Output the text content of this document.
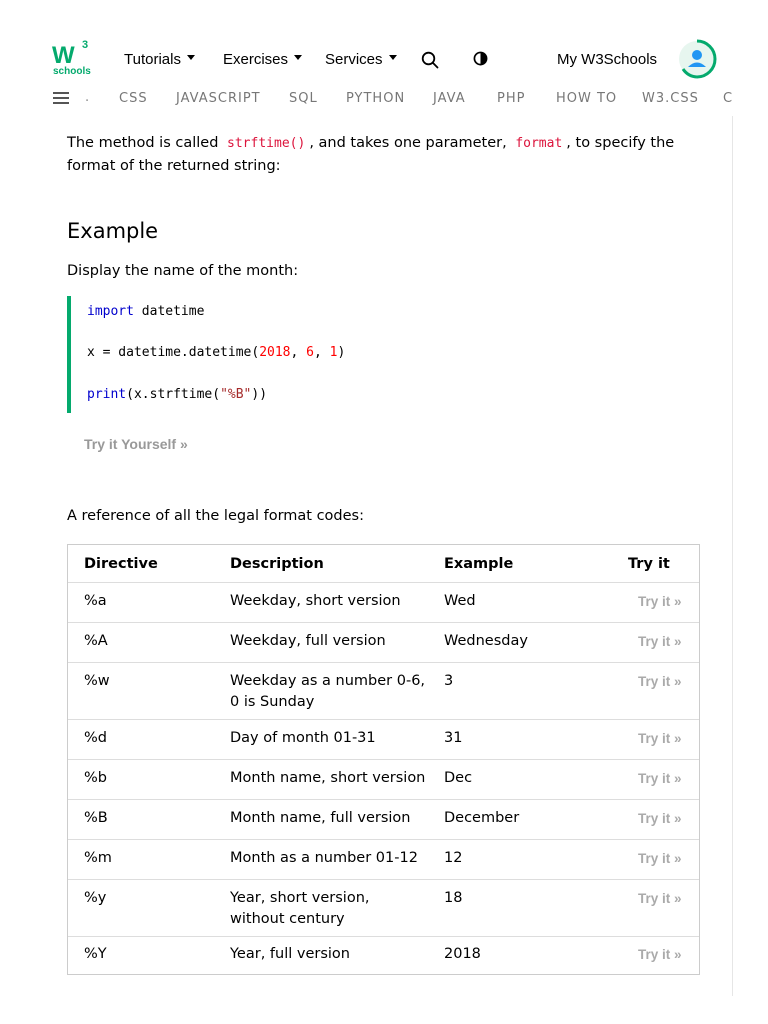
W 3
schools
Tutorials	Exercises Services	My W3Schools
. CSS JAVASCRIPT SQL PYTHON JAVA PHP HOW TO W3.CSS C
The method is called strftime() , and takes one parameter, format , to specify the
format of the returned string:
Example
Display the name of the month:
import datetime
x = datetime.datetime(2018, 6, 1)
print(x.strftime("%B"))
Try it Yourself »
A reference of all the legal format codes:
Directive	Description	Example	Try it
%a	Weekday, short version	Wed	Try it »
%A	Weekday, full version	Wednesday	Try it »
%w	Weekday as a number 0-6,
0 is Sunday
3	Try it »
%d	Day of month 01-31	31	Try it »
%b	Month name, short version	Dec	Try it »
%B	Month name, full version	December	Try it »
%m	Month as a number 01-12	12	Try it »
%y	Year, short version,
without century
18	Try it »
%Y	Year, full version	2018	Try it »
